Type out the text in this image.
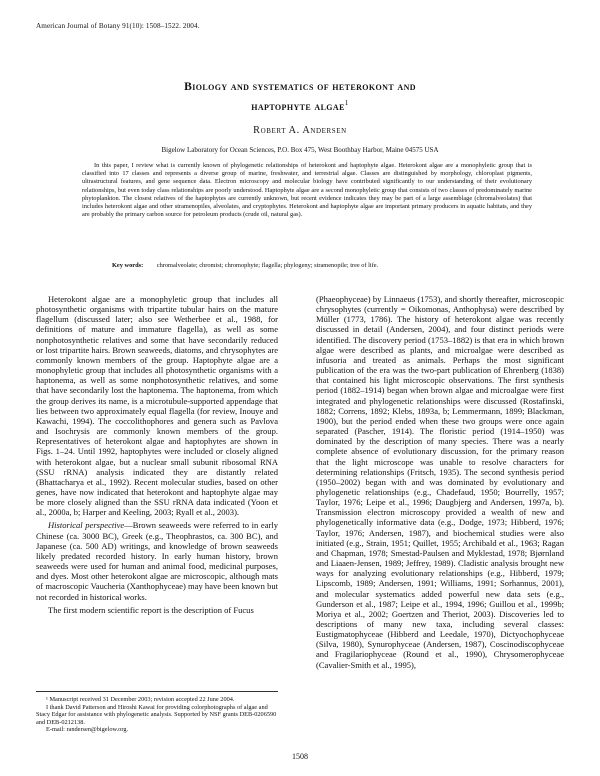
American Journal of Botany 91(10): 1508–1522. 2004.
Biology and systematics of heterokont and
haptophyte algae$^1$
Robert A. Andersen
Bigelow Laboratory for Ocean Sciences, P.O. Box 475, West Boothbay Harbor, Maine 04575 USA

In this paper, I review what is currently known of phylogenetic relationships of heterokont and haptophyte algae. Heterokont algae are a monophyletic group that is classified into 17 classes and represents a diverse group of marine, freshwater, and terrestrial algae. Classes are distinguished by morphology, chloroplast pigments, ultrastructural features, and gene sequence data. Electron microscopy and molecular biology have contributed significantly to our understanding of their evolutionary relationships, but even today class relationships are poorly understood. Haptophyte algae are a second monophyletic group that consists of two classes of predominately marine phytoplankton. The closest relatives of the haptophytes are currently unknown, but recent evidence indicates they may be part of a large assemblage (chromalveolates) that includes heterokont algae and other stramenopiles, alveolates, and cryptophytes. Heterokont and haptophyte algae are important primary producers in aquatic habitats, and they are probably the primary carbon source for petroleum products (crude oil, natural gas).

Key words: chromalveolate; chromist; chromophyte; flagella; phylogeny; stramenopile; tree of life.

Heterokont algae are a monophyletic group that includes all photosynthetic organisms with tripartite tubular hairs on the mature flagellum (discussed later; also see Wetherbee et al., 1988, for definitions of mature and immature flagella), as well as some nonphotosynthetic relatives and some that have secondarily reduced or lost tripartite hairs. Brown seaweeds, diatoms, and chrysophytes are commonly known members of the group. Haptophyte algae are a monophyletic group that includes all photosynthetic organisms with a haptonema, as well as some nonphotosynthetic relatives, and some that have secondarily lost the haptonema. The haptonema, from which the group derives its name, is a microtubule-supported appendage that lies between two approximately equal flagella (for review, Inouye and Kawachi, 1994). The coccolithophores and genera such as Pavlova and Isochrysis are commonly known members of the group. Representatives of heterokont algae and haptophytes are shown in Figs. 1–24. Until 1992, haptophytes were included or closely aligned with heterokont algae, but a nuclear small subunit ribosomal RNA (SSU rRNA) analysis indicated they are distantly related (Bhattacharya et al., 1992). Recent molecular studies, based on other genes, have now indicated that heterokont and haptophyte algae may be more closely aligned than the SSU rRNA data indicated (Yoon et al., 2000a, b; Harper and Keeling, 2003; Ryall et al., 2003).

Historical perspective—Brown seaweeds were referred to in early Chinese (ca. 3000 BC), Greek (e.g., Theophrastos, ca. 300 BC), and Japanese (ca. 500 AD) writings, and knowledge of brown seaweeds likely predated recorded history. In early human history, brown seaweeds were used for human and animal food, medicinal purposes, and dyes. Most other heterokont algae are microscopic, although mats of macroscopic Vaucheria (Xanthophyceae) may have been known but not recorded in historical works.

The first modern scientific report is the description of Fucus

¹ Manuscript received 31 December 2003; revision accepted 22 June 2004.

I thank David Patterson and Hiroshi Kawai for providing colorphotographs of algae and Stacy Edgar for assistance with phylogenetic analysis. Supported by NSF grants DEB-0206590 and DEB-0212138.

E-mail: randersen@bigelow.org.

(Phaeophyceae) by Linnaeus (1753), and shortly thereafter, microscopic chrysophytes (currently = Oikomonas, Anthophysa) were described by Müller (1773, 1786). The history of heterokont algae was recently discussed in detail (Andersen, 2004), and four distinct periods were identified. The discovery period (1753–1882) is that era in which brown algae were described as plants, and microalgae were described as infusoria and treated as animals. Perhaps the most significant publication of the era was the two-part publication of Ehrenberg (1838) that contained his light microscopic observations. The first synthesis period (1882–1914) began when brown algae and microalgae were first integrated and phylogenetic relationships were discussed (Rostafinski, 1882; Correns, 1892; Klebs, 1893a, b; Lemmermann, 1899; Blackman, 1900), but the period ended when these two groups were once again separated (Pascher, 1914). The floristic period (1914–1950) was dominated by the description of many species. There was a nearly complete absence of evolutionary discussion, for the primary reason that the light microscope was unable to resolve characters for determining relationships (Fritsch, 1935). The second synthesis period (1950–2002) began with and was dominated by evolutionary and phylogenetic relationships (e.g., Chadefaud, 1950; Bourrelly, 1957; Taylor, 1976; Leipe et al., 1996; Daugbjerg and Andersen, 1997a, b). Transmission electron microscopy provided a wealth of new and phylogenetically informative data (e.g., Dodge, 1973; Hibberd, 1976; Taylor, 1976; Andersen, 1987), and biochemical studies were also initiated (e.g., Strain, 1951; Quillet, 1955; Archibald et al., 1963; Ragan and Chapman, 1978; Smestad-Paulsen and Myklestad, 1978; Bjørnland and Liaaen-Jensen, 1989; Jeffrey, 1989). Cladistic analysis brought new ways for analyzing evolutionary relationships (e.g., Hibberd, 1979; Lipscomb, 1989; Andersen, 1991; Williams, 1991; Sorhannus, 2001), and molecular systematics added powerful new data sets (e.g., Gunderson et al., 1987; Leipe et al., 1994, 1996; Guillou et al., 1999b; Moriya et al., 2002; Goertzen and Theriot, 2003). Discoveries led to descriptions of many new taxa, including several classes: Eustigmatophyceae (Hibberd and Leedale, 1970), Dictyochophyceae (Silva, 1980), Synurophyceae (Andersen, 1987), Coscinodiscophyceae and Fragilariophyceae (Round et al., 1990), Chrysomerophyceae (Cavalier-Smith et al., 1995),

1508
